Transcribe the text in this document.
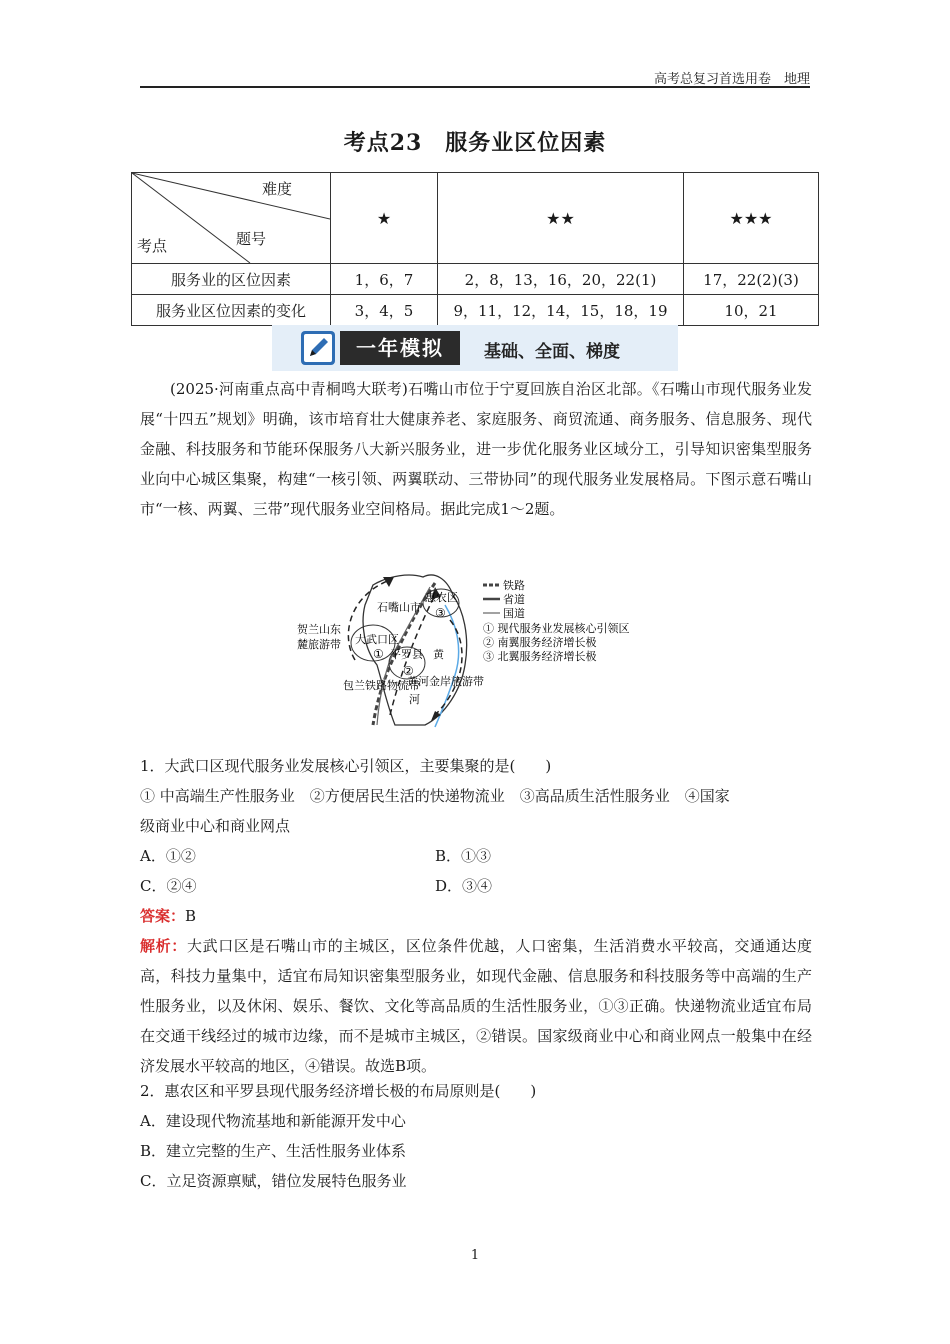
高考总复习首选用卷　地理
考点23　服务业区位因素
难度
题号
考点	★	★★	★★★
服务业的区位因素	1，6，7	2，8，13，16，20，22(1)	17，22(2)(3)
服务业区位因素的变化	3，4，5	9，11，12，14，15，18，19	10，21
一年模拟	基础、全面、梯度
(2025·河南重点高中青桐鸣大联考)石嘴山市位于宁夏回族自治区北部。《石嘴山市现代服务业发展“十四五”规划》明确，该市培育壮大健康养老、家庭服务、商贸流通、商务服务、信息服务、现代金融、科技服务和节能环保服务八大新兴服务业，进一步优化服务业区域分工，引导知识密集型服务业向中心城区集聚，构建“一核引领、两翼联动、三带协同”的现代服务业发展格局。下图示意石嘴山市“一核、两翼、三带”现代服务业空间格局。据此完成1～2题。
惠农区
石嘴山市
大武口区
① 平罗县
②
③
黄
河
贺兰山东
麓旅游带
包兰铁路物流带
黄河金岸旅游带
铁路
省道
国道
① 现代服务业发展核心引领区
② 南翼服务经济增长极
③ 北翼服务经济增长极
1．大武口区现代服务业发展核心引领区，主要集聚的是(　　)
① 中高端生产性服务业　②方便居民生活的快递物流业　③高品质生活性服务业　④国家
级商业中心和商业网点
A．①②	B．①③
C．②④	D．③④
答案：B
解析：大武口区是石嘴山市的主城区，区位条件优越，人口密集，生活消费水平较高，交通通达度高，科技力量集中，适宜布局知识密集型服务业，如现代金融、信息服务和科技服务等中高端的生产性服务业，以及休闲、娱乐、餐饮、文化等高品质的生活性服务业，①③正确。快递物流业适宜布局在交通干线经过的城市边缘，而不是城市主城区，②错误。国家级商业中心和商业网点一般集中在经济发展水平较高的地区，④错误。故选B项。
2．惠农区和平罗县现代服务经济增长极的布局原则是(　　)
A．建设现代物流基地和新能源开发中心
B．建立完整的生产、生活性服务业体系
C．立足资源禀赋，错位发展特色服务业
1
